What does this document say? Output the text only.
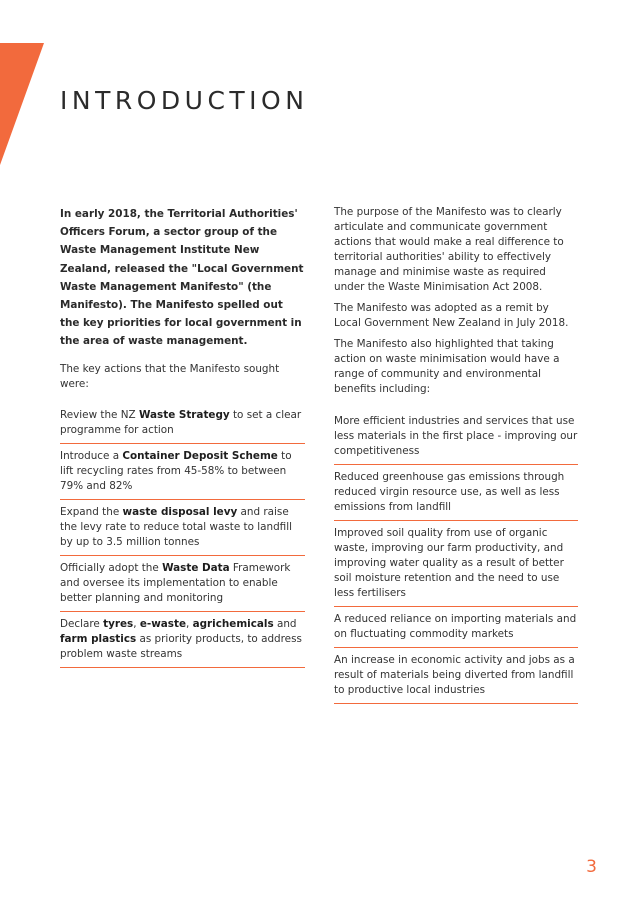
INTRODUCTION

In early 2018, the Territorial Authorities' Officers Forum, a sector group of the Waste Management Institute New Zealand, released the "Local Government Waste Management Manifesto" (the Manifesto). The Manifesto spelled out the key priorities for local government in the area of waste management.

The key actions that the Manifesto sought were:

Review the NZ Waste Strategy to set a clear programme for action
Introduce a Container Deposit Scheme to lift recycling rates from 45-58% to between 79% and 82%
Expand the waste disposal levy and raise the levy rate to reduce total waste to landfill by up to 3.5 million tonnes
Officially adopt the Waste Data Framework and oversee its implementation to enable better planning and monitoring
Declare tyres, e-waste, agrichemicals and farm plastics as priority products, to address problem waste streams

The purpose of the Manifesto was to clearly articulate and communicate government actions that would make a real difference to territorial authorities' ability to effectively manage and minimise waste as required under the Waste Minimisation Act 2008.

The Manifesto was adopted as a remit by Local Government New Zealand in July 2018.

The Manifesto also highlighted that taking action on waste minimisation would have a range of community and environmental benefits including:

More efficient industries and services that use less materials in the first place - improving our competitiveness
Reduced greenhouse gas emissions through reduced virgin resource use, as well as less emissions from landfill
Improved soil quality from use of organic waste, improving our farm productivity, and improving water quality as a result of better soil moisture retention and the need to use less fertilisers
A reduced reliance on importing materials and on fluctuating commodity markets
An increase in economic activity and jobs as a result of materials being diverted from landfill to productive local industries
3
